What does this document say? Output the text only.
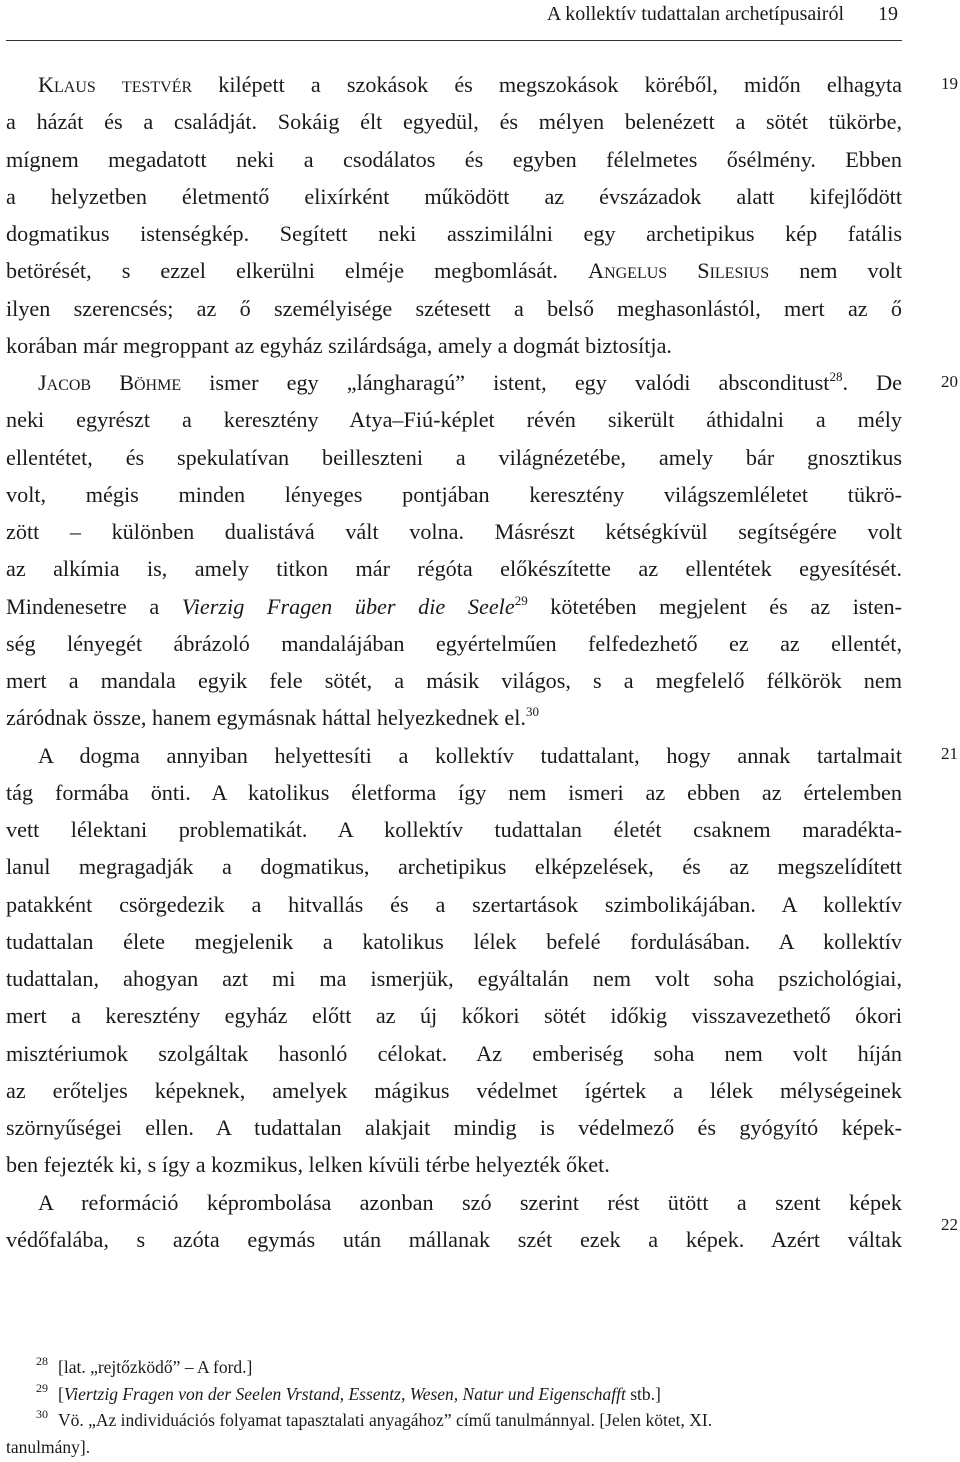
A kollektív tudattalan archetípusairól 19
19
20
21
22
Klaus testvér kilépett a szokások és megszokások köréből, midőn elhagyta
a házát és a családját. Sokáig élt egyedül, és mélyen belenézett a sötét tükörbe,
mígnem megadatott neki a csodálatos és egyben félelmetes ősélmény. Ebben
a helyzetben életmentő elixírként működött az évszázadok alatt kifejlődött
dogmatikus istenségkép. Segített neki asszimilálni egy archetipikus kép fatális
betörését, s ezzel elkerülni elméje megbomlását. Angelus Silesius nem volt
ilyen szerencsés; az ő személyisége szétesett a belső meghasonlástól, mert az ő
korában már megroppant az egyház szilárdsága, amely a dogmát biztosítja.
Jacob Böhme ismer egy „lángharagú” istent, egy valódi absconditust$^{28}$. De
neki egyrészt a keresztény Atya–Fiú-képlet révén sikerült áthidalni a mély
ellentétet, és spekulatívan beilleszteni a világnézetébe, amely bár gnosztikus
volt, mégis minden lényeges pontjában keresztény világszemléletet tükrö-
zött – különben dualistává vált volna. Másrészt kétségkívül segítségére volt
az alkímia is, amely titkon már régóta előkészítette az ellentétek egyesítését.
Mindenesetre a Vierzig Fragen über die Seele$^{29}$ kötetében megjelent és az isten-
ség lényegét ábrázoló mandalájában egyértelműen felfedezhető ez az ellentét,
mert a mandala egyik fele sötét, a másik világos, s a megfelelő félkörök nem
záródnak össze, hanem egymásnak háttal helyezkednek el.$^{30}$
A dogma annyiban helyettesíti a kollektív tudattalant, hogy annak tartalmait
tág formába önti. A katolikus életforma így nem ismeri az ebben az értelemben
vett lélektani problematikát. A kollektív tudattalan életét csaknem maradékta-
lanul megragadják a dogmatikus, archetipikus elképzelések, és az megszelídített
patakként csörgedezik a hitvallás és a szertartások szimbolikájában. A kollektív
tudattalan élete megjelenik a katolikus lélek befelé fordulásában. A kollektív
tudattalan, ahogyan azt mi ma ismerjük, egyáltalán nem volt soha pszichológiai,
mert a keresztény egyház előtt az új kőkori sötét időkig visszavezethető ókori
misztériumok szolgáltak hasonló célokat. Az emberiség soha nem volt híján
az erőteljes képeknek, amelyek mágikus védelmet ígértek a lélek mélységeinek
szörnyűségei ellen. A tudattalan alakjait mindig is védelmező és gyógyító képek-
ben fejezték ki, s így a kozmikus, lelken kívüli térbe helyezték őket.
A reformáció képrombolása azonban szó szerint rést ütött a szent képek
védőfalába, s azóta egymás után mállanak szét ezek a képek. Azért váltak
28 [lat. „rejtőzködő” – A ford.]
29 [Viertzig Fragen von der Seelen Vrstand, Essentz, Wesen, Natur und Eigenschafft stb.]
30 Vö. „Az individuációs folyamat tapasztalati anyagához” című tanulmánnyal. [Jelen kötet, XI.
tanulmány].
